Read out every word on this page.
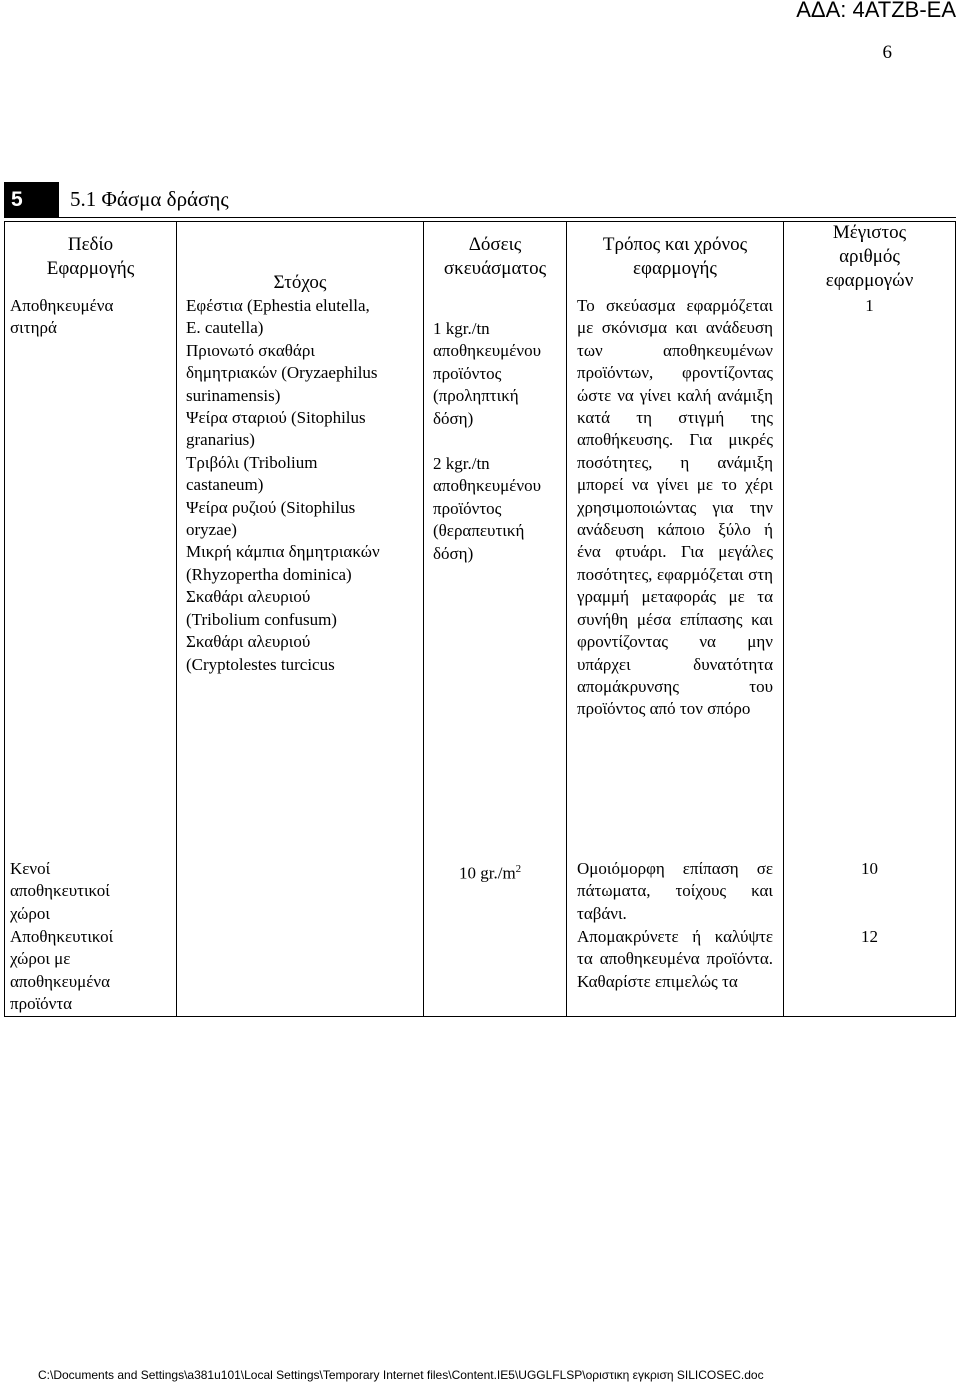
ΑΔΑ: 4ΑΤΖΒ-ΕΑ
6
5	5.1 Φάσμα δράσης
Πεδίο
Εφαρμογής
Στόχος
Δόσεις
σκευάσματος
Τρόπος και χρόνος
εφαρμογής
Μέγιστος
αριθμός
εφαρμογών
Αποθηκευμένα
σιτηρά
Εφέστια (Ephestia elutella,
E. cautella)
Πριονωτό σκαθάρι
δημητριακών (Oryzaephilus
surinamensis)
Ψείρα σταριού (Sitophilus
granarius)
Τριβόλι (Tribolium
castaneum)
Ψείρα ρυζιού (Sitophilus
oryzae)
Μικρή κάμπια δημητριακών
(Rhyzopertha dominica)
Σκαθάρι αλευριού
(Tribolium confusum)
Σκαθάρι αλευριού
(Cryptolestes turcicus
1 kgr./tn
αποθηκευμένου
προϊόντος
(προληπτική
δόση)
2 kgr./tn
αποθηκευμένου
προϊόντος
(θεραπευτική
δόση)
Το σκεύασμα εφαρμόζεται με σκόνισμα και ανάδευση των αποθηκευμένων προϊόντων, φροντίζοντας ώστε να γίνει καλή ανάμιξη κατά τη στιγμή της αποθήκευσης. Για μικρές ποσότητες, η ανάμιξη μπορεί να γίνει με το χέρι χρησιμοποιώντας για την ανάδευση κάποιο ξύλο ή ένα φτυάρι. Για μεγάλες ποσότητες, εφαρμόζεται στη γραμμή μεταφοράς με τα συνήθη μέσα επίπασης και φροντίζοντας να μην υπάρχει δυνατότητα απομάκρυνσης του προϊόντος από τον σπόρο
1
Κενοί
αποθηκευτικοί
χώροι
10 $gr./m^2$	Ομοιόμορφη επίπαση σε πάτωματα, τοίχους και ταβάνι.
10
Αποθηκευτικοί
χώροι με
αποθηκευμένα
προϊόντα
Απομακρύνετε ή καλύψτε τα αποθηκευμένα προϊόντα. Καθαρίστε επιμελώς τα
12
C:\Documents and Settings\a381u101\Local Settings\Temporary Internet files\Content.IE5\UGGLFLSP\οριστικη εγκριση SILICOSEC.doc
